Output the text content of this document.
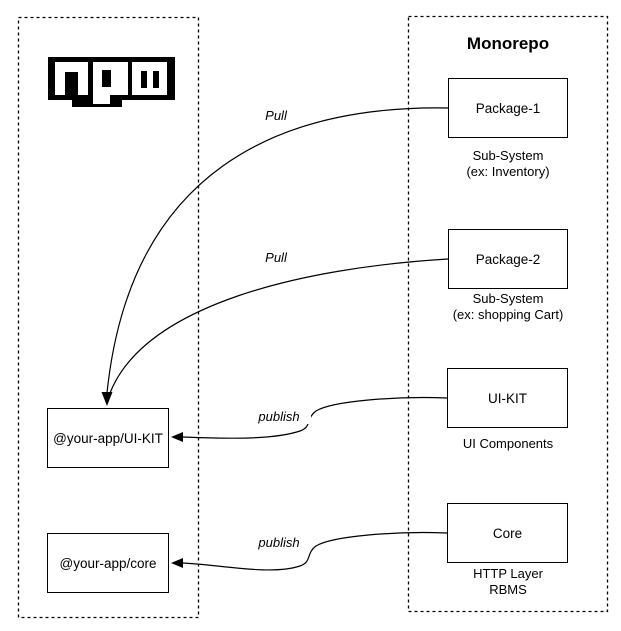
@your-app/UI-KIT
@your-app/core
Monorepo
Package-1
Sub-System
(ex: Inventory)
Package-2
Sub-System
(ex: shopping Cart)
UI-KIT
UI Components
Core
HTTP Layer
RBMS
Pull
Pull
publish
publish
